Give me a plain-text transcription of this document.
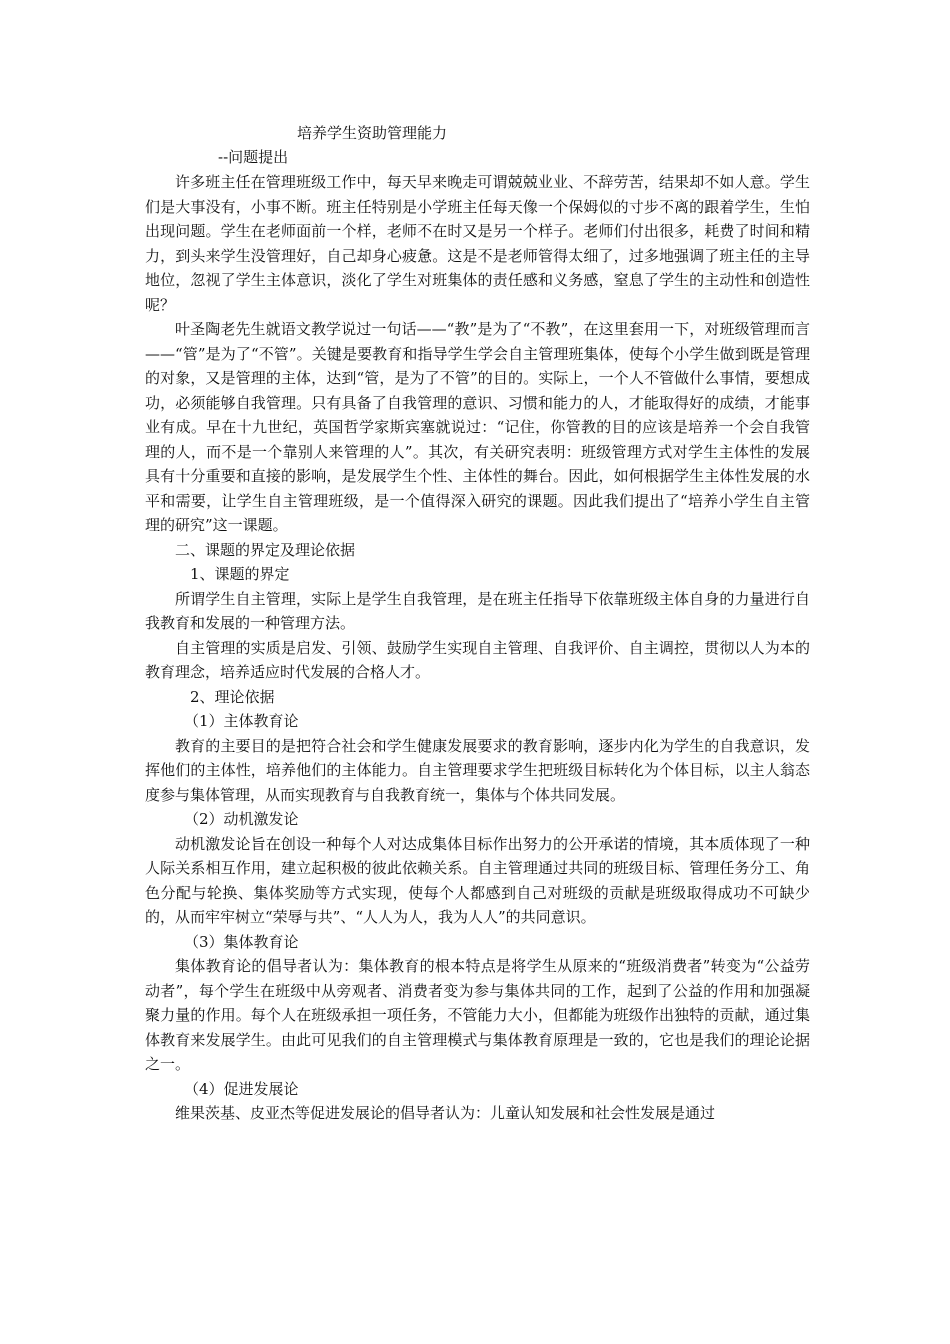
培养学生资助管理能力

--问题提出

许多班主任在管理班级工作中，每天早来晚走可谓兢兢业业、不辞劳苦，结果却不如人意。学生们是大事没有，小事不断。班主任特别是小学班主任每天像一个保姆似的寸步不离的跟着学生，生怕出现问题。学生在老师面前一个样，老师不在时又是另一个样子。老师们付出很多，耗费了时间和精力，到头来学生没管理好，自己却身心疲惫。这是不是老师管得太细了，过多地强调了班主任的主导地位，忽视了学生主体意识，淡化了学生对班集体的责任感和义务感，窒息了学生的主动性和创造性呢？

叶圣陶老先生就语文教学说过一句话——“教”是为了“不教”，在这里套用一下，对班级管理而言——“管”是为了“不管”。关键是要教育和指导学生学会自主管理班集体，使每个小学生做到既是管理的对象，又是管理的主体，达到“管，是为了不管”的目的。实际上，一个人不管做什么事情，要想成功，必须能够自我管理。只有具备了自我管理的意识、习惯和能力的人，才能取得好的成绩，才能事业有成。早在十九世纪，英国哲学家斯宾塞就说过：“记住，你管教的目的应该是培养一个会自我管理的人，而不是一个靠别人来管理的人”。其次，有关研究表明：班级管理方式对学生主体性的发展具有十分重要和直接的影响，是发展学生个性、主体性的舞台。因此，如何根据学生主体性发展的水平和需要，让学生自主管理班级，是一个值得深入研究的课题。因此我们提出了“培养小学生自主管理的研究”这一课题。

二、课题的界定及理论依据

1、课题的界定

所谓学生自主管理，实际上是学生自我管理，是在班主任指导下依靠班级主体自身的力量进行自我教育和发展的一种管理方法。

自主管理的实质是启发、引领、鼓励学生实现自主管理、自我评价、自主调控，贯彻以人为本的教育理念，培养适应时代发展的合格人才。

2、理论依据

（1）主体教育论

教育的主要目的是把符合社会和学生健康发展要求的教育影响，逐步内化为学生的自我意识，发挥他们的主体性，培养他们的主体能力。自主管理要求学生把班级目标转化为个体目标，以主人翁态度参与集体管理，从而实现教育与自我教育统一，集体与个体共同发展。

（2）动机激发论

动机激发论旨在创设一种每个人对达成集体目标作出努力的公开承诺的情境，其本质体现了一种人际关系相互作用，建立起积极的彼此依赖关系。自主管理通过共同的班级目标、管理任务分工、角色分配与轮换、集体奖励等方式实现，使每个人都感到自己对班级的贡献是班级取得成功不可缺少的，从而牢牢树立“荣辱与共”、“人人为人，我为人人”的共同意识。

（3）集体教育论

集体教育论的倡导者认为：集体教育的根本特点是将学生从原来的“班级消费者”转变为“公益劳动者”，每个学生在班级中从旁观者、消费者变为参与集体共同的工作，起到了公益的作用和加强凝聚力量的作用。每个人在班级承担一项任务，不管能力大小，但都能为班级作出独特的贡献，通过集体教育来发展学生。由此可见我们的自主管理模式与集体教育原理是一致的，它也是我们的理论论据之一。

（4）促进发展论

维果茨基、皮亚杰等促进发展论的倡导者认为：儿童认知发展和社会性发展是通过
